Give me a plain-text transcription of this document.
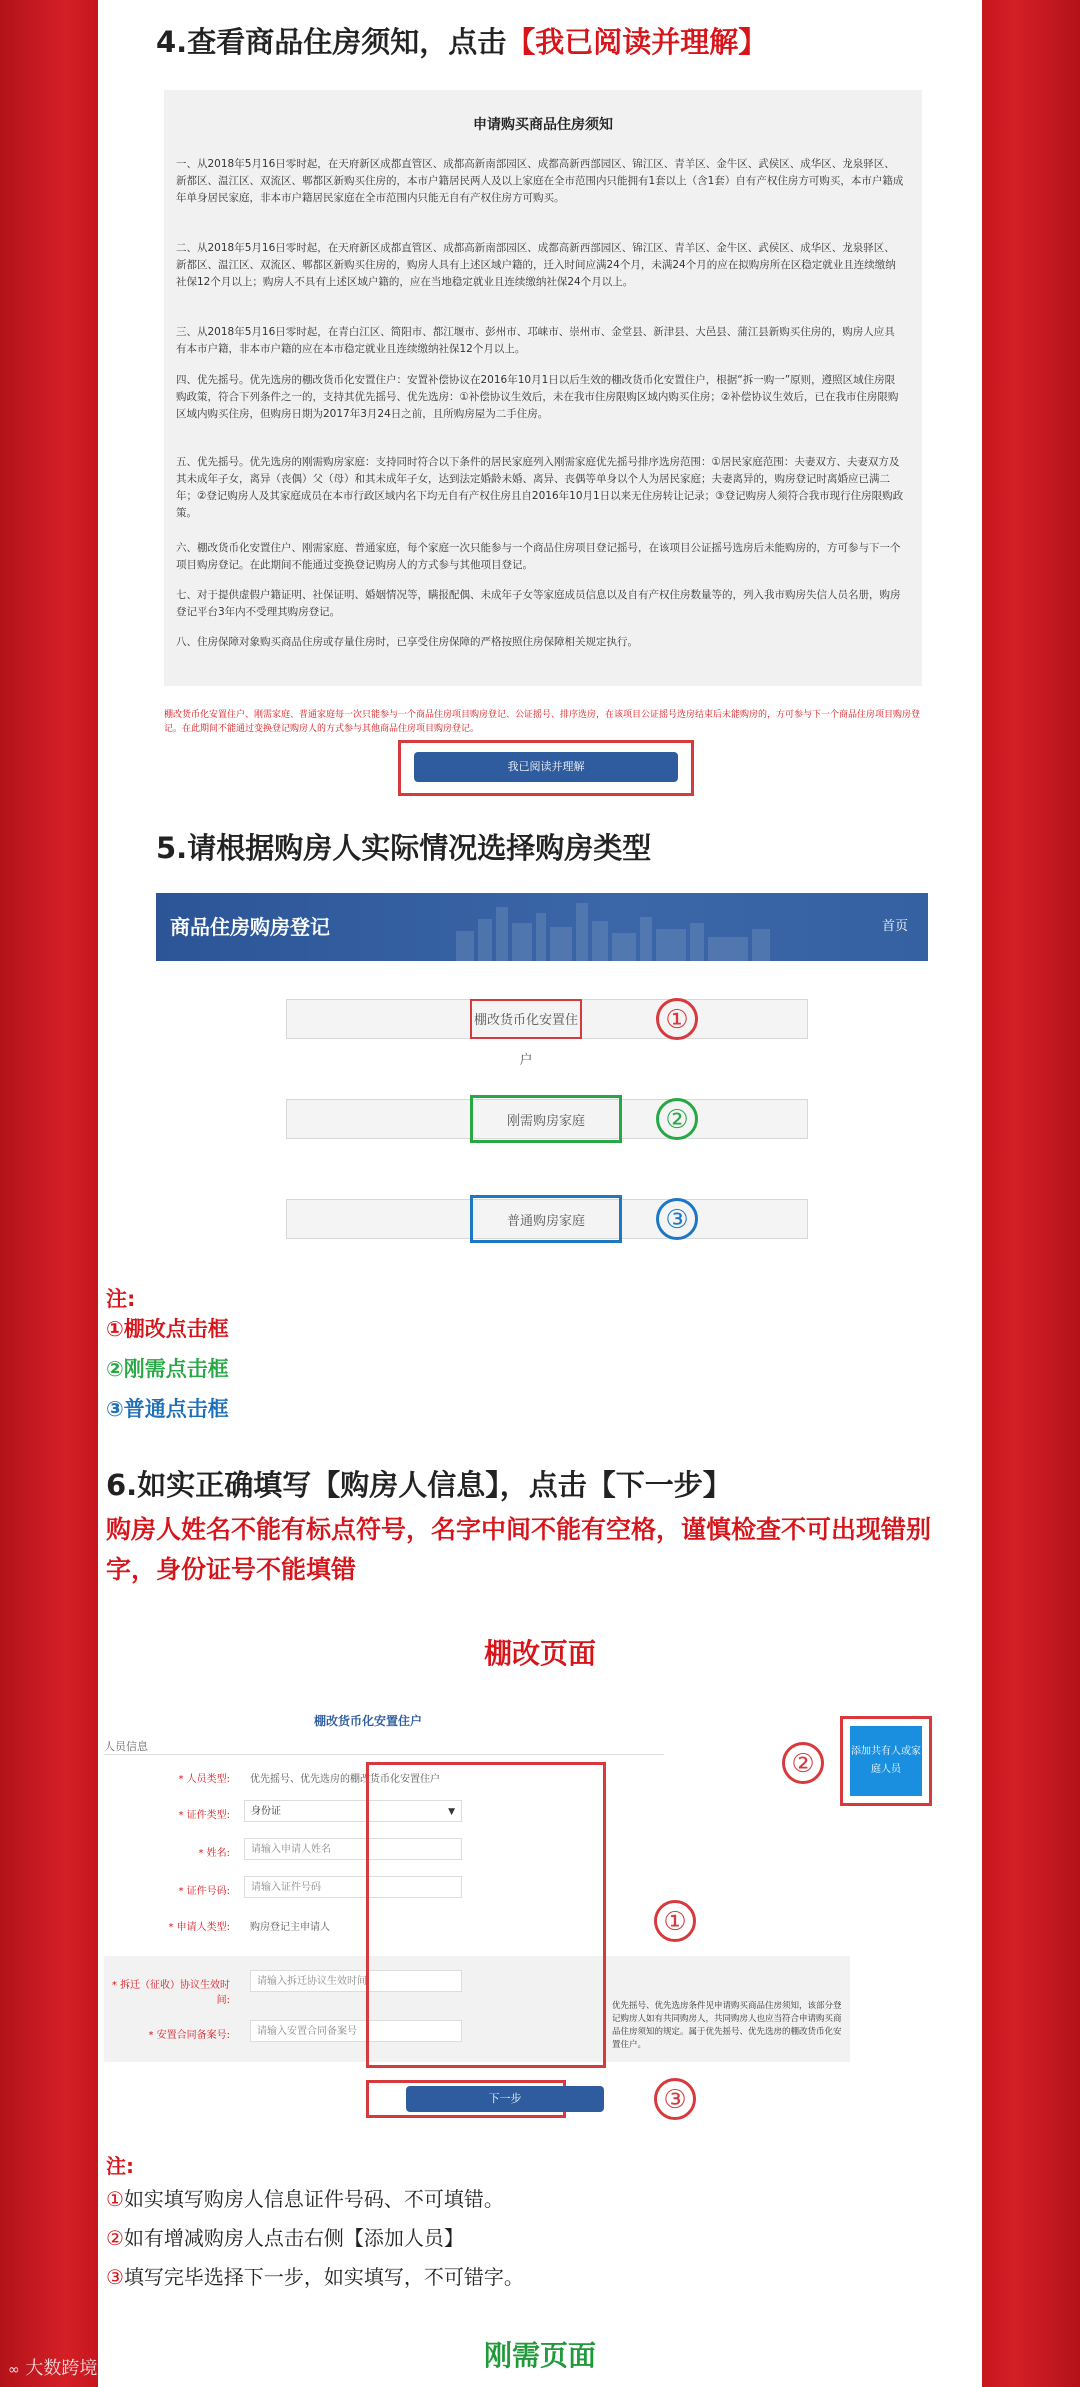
4.查看商品住房须知，点击【我已阅读并理解】
申请购买商品住房须知

一、从2018年5月16日零时起，在天府新区成都直管区、成都高新南部园区、成都高新西部园区、锦江区、青羊区、金牛区、武侯区、成华区、龙泉驿区、新都区、温江区、双流区、郫都区新购买住房的，本市户籍居民两人及以上家庭在全市范围内只能拥有1套以上（含1套）自有产权住房方可购买，本市户籍成年单身居民家庭，非本市户籍居民家庭在全市范围内只能无自有产权住房方可购买。

二、从2018年5月16日零时起，在天府新区成都直管区、成都高新南部园区、成都高新西部园区、锦江区、青羊区、金牛区、武侯区、成华区、龙泉驿区、新都区、温江区、双流区、郫都区新购买住房的，购房人具有上述区域户籍的，迁入时间应满24个月，未满24个月的应在拟购房所在区稳定就业且连续缴纳社保12个月以上；购房人不具有上述区域户籍的，应在当地稳定就业且连续缴纳社保24个月以上。

三、从2018年5月16日零时起，在青白江区、简阳市、都江堰市、彭州市、邛崃市、崇州市、金堂县、新津县、大邑县、蒲江县新购买住房的，购房人应具有本市户籍，非本市户籍的应在本市稳定就业且连续缴纳社保12个月以上。

四、优先摇号。优先选房的棚改货币化安置住户：安置补偿协议在2016年10月1日以后生效的棚改货币化安置住户，根据“拆一购一”原则，遵照区域住房限购政策，符合下列条件之一的，支持其优先摇号、优先选房：①补偿协议生效后，未在我市住房限购区域内购买住房；②补偿协议生效后，已在我市住房限购区域内购买住房，但购房日期为2017年3月24日之前，且所购房屋为二手住房。

五、优先摇号。优先选房的刚需购房家庭：支持同时符合以下条件的居民家庭列入刚需家庭优先摇号排序选房范围：①居民家庭范围：夫妻双方、夫妻双方及其未成年子女，离异（丧偶）父（母）和其未成年子女，达到法定婚龄未婚、离异、丧偶等单身以个人为居民家庭；夫妻离异的，购房登记时离婚应已满二年；②登记购房人及其家庭成员在本市行政区域内名下均无自有产权住房且自2016年10月1日以来无住房转让记录；③登记购房人须符合我市现行住房限购政策。

六、棚改货币化安置住户、刚需家庭、普通家庭，每个家庭一次只能参与一个商品住房项目登记摇号，在该项目公证摇号选房后未能购房的，方可参与下一个项目购房登记。在此期间不能通过变换登记购房人的方式参与其他项目登记。

七、对于提供虚假户籍证明、社保证明、婚姻情况等，瞒报配偶、未成年子女等家庭成员信息以及自有产权住房数量等的，列入我市购房失信人员名册，购房登记平台3年内不受理其购房登记。

八、住房保障对象购买商品住房或存量住房时，已享受住房保障的严格按照住房保障相关规定执行。

棚改货币化安置住户、刚需家庭、普通家庭每一次只能参与一个商品住房项目购房登记、公证摇号、排序选房，在该项目公证摇号选房结束后未能购房的，方可参与下一个商品住房项目购房登记。在此期间不能通过变换登记购房人的方式参与其他商品住房项目购房登记。
我已阅读并理解
5.请根据购房人实际情况选择购房类型
商品住房购房登记	首页
棚改货币化安置住户
①
刚需购房家庭	②
普通购房家庭	③
注:
①棚改点击框
②刚需点击框
③普通点击框
6.如实正确填写【购房人信息】，点击【下一步】
购房人姓名不能有标点符号，名字中间不能有空格，谨慎检查不可出现错别字，身份证号不能填错
棚改页面
棚改货币化安置住户
人员信息
* 人员类型: 优先摇号、优先选房的棚改货币化安置住户
* 证件类型:	身份证	▼
* 姓名:	请输入申请人姓名
* 证件号码:	请输入证件号码
* 申请人类型: 购房登记主申请人
* 拆迁（征收）协议生效时间:
请输入拆迁协议生效时间
* 安置合同备案号:	请输入安置合同备案号
优先摇号、优先选房条件见申请购买商品住房须知，该部分登记购房人如有共同购房人，共同购房人也应当符合申请购买商品住房须知的规定。属于优先摇号、优先选房的棚改货币化安置住户。
①
添加共有人或家庭人员
②
下一步	③
注:
①如实填写购房人信息证件号码、不可填错。
②如有增减购房人点击右侧【添加人员】
③填写完毕选择下一步，如实填写，不可错字。
刚需页面
∞ 大数跨境
